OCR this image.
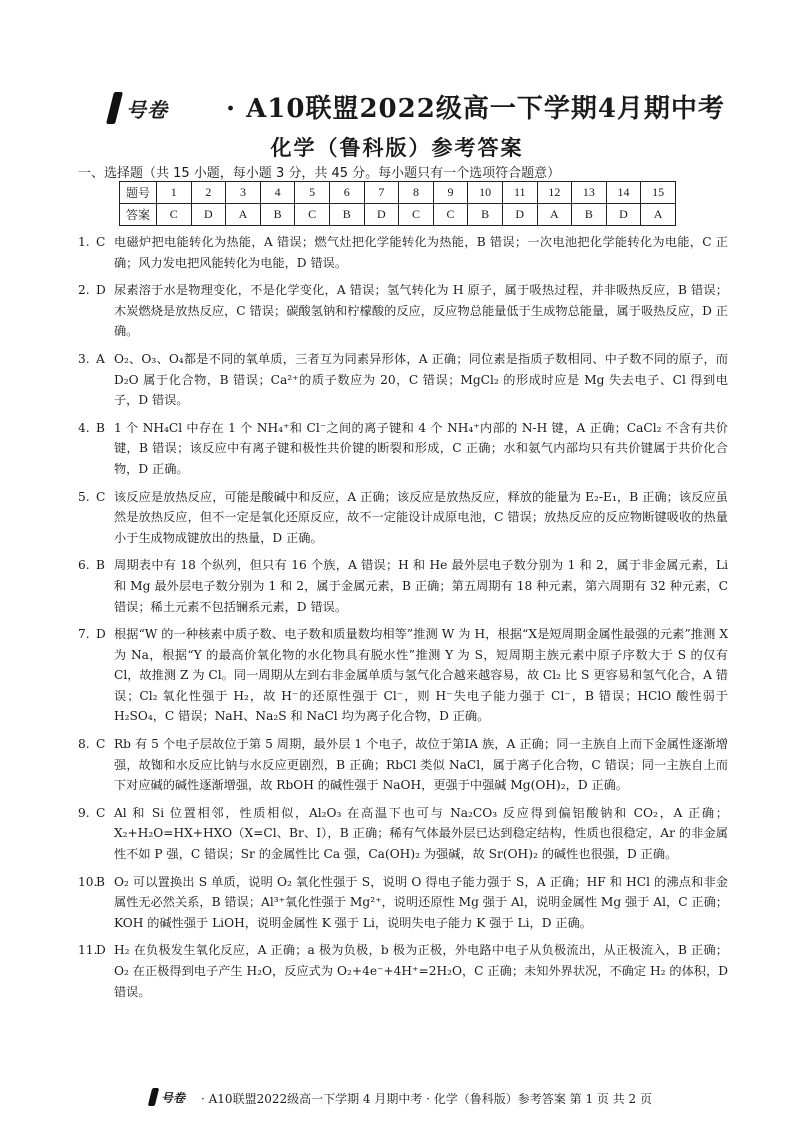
号卷 · A10联盟2022级高一下学期4月期中考
化学（鲁科版）参考答案
一、选择题（共 15 小题，每小题 3 分，共 45 分。每小题只有一个选项符合题意）
题号	1	2	3	4	5	6	7	8	9	10	11	12	13	14	15
答案	C	D	A	B	C	B	D	C	C	B	D	A	B	D	A
1. C 电磁炉把电能转化为热能，A 错误；燃气灶把化学能转化为热能，B 错误；一次电池把化学能转化为电能，C 正确；风力发电把风能转化为电能，D 错误。
2. D 尿素溶于水是物理变化，不是化学变化，A 错误；氢气转化为 H 原子，属于吸热过程，并非吸热反应，B 错误；木炭燃烧是放热反应，C 错误；碳酸氢钠和柠檬酸的反应，反应物总能量低于生成物总能量，属于吸热反应，D 正确。
3. A O₂、O₃、O₄都是不同的氧单质，三者互为同素异形体，A 正确；同位素是指质子数相同、中子数不同的原子，而 D₂O 属于化合物，B 错误；Ca²⁺的质子数应为 20，C 错误；MgCl₂ 的形成时应是 Mg 失去电子、Cl 得到电子，D 错误。
4. B 1 个 NH₄Cl 中存在 1 个 NH₄⁺和 Cl⁻之间的离子键和 4 个 NH₄⁺内部的 N-H 键，A 正确；CaCl₂ 不含有共价键，B 错误；该反应中有离子键和极性共价键的断裂和形成，C 正确；水和氨气内部均只有共价键属于共价化合物，D 正确。
5. C 该反应是放热反应，可能是酸碱中和反应，A 正确；该反应是放热反应，释放的能量为 E₂-E₁，B 正确；该反应虽然是放热反应，但不一定是氧化还原反应，故不一定能设计成原电池，C 错误；放热反应的反应物断键吸收的热量小于生成物成键放出的热量，D 正确。
6. B 周期表中有 18 个纵列，但只有 16 个族，A 错误；H 和 He 最外层电子数分别为 1 和 2，属于非金属元素，Li 和 Mg 最外层电子数分别为 1 和 2，属于金属元素，B 正确；第五周期有 18 种元素，第六周期有 32 种元素，C 错误；稀土元素不包括镧系元素，D 错误。
7. D 根据“W 的一种核素中质子数、电子数和质量数均相等”推测 W 为 H，根据“X是短周期金属性最强的元素”推测 X 为 Na，根据“Y 的最高价氧化物的水化物具有脱水性”推测 Y 为 S，短周期主族元素中原子序数大于 S 的仅有 Cl，故推测 Z 为 Cl。同一周期从左到右非金属单质与氢气化合越来越容易，故 Cl₂ 比 S 更容易和氢气化合，A 错误；Cl₂ 氧化性强于 H₂，故 H⁻的还原性强于 Cl⁻，则 H⁻失电子能力强于 Cl⁻，B 错误；HClO 酸性弱于 H₂SO₄，C 错误；NaH、Na₂S 和 NaCl 均为离子化合物，D 正确。
8. C Rb 有 5 个电子层故位于第 5 周期，最外层 1 个电子，故位于第ⅠA 族，A 正确；同一主族自上而下金属性逐渐增强，故铷和水反应比钠与水反应更剧烈，B 正确；RbCl 类似 NaCl，属于离子化合物，C 错误；同一主族自上而下对应碱的碱性逐渐增强，故 RbOH 的碱性强于 NaOH，更强于中强碱 Mg(OH)₂，D 正确。
9. C Al 和 Si 位置相邻，性质相似，Al₂O₃ 在高温下也可与 Na₂CO₃ 反应得到偏铝酸钠和 CO₂，A 正确；X₂+H₂O=HX+HXO（X=Cl、Br、I），B 正确；稀有气体最外层已达到稳定结构，性质也很稳定，Ar 的非金属性不如 P 强，C 错误；Sr 的金属性比 Ca 强，Ca(OH)₂ 为强碱，故 Sr(OH)₂ 的碱性也很强，D 正确。
10.
B O₂ 可以置换出 S 单质，说明 O₂ 氧化性强于 S，说明 O 得电子能力强于 S，A 正确；HF 和 HCl 的沸点和非金属性无必然关系，B 错误；Al³⁺氧化性强于 Mg²⁺，说明还原性 Mg 强于 Al，说明金属性 Mg 强于 Al，C 正确；KOH 的碱性强于 LiOH，说明金属性 K 强于 Li，说明失电子能力 K 强于 Li，D 正确。
11.
D H₂ 在负极发生氧化反应，A 正确；a 极为负极，b 极为正极，外电路中电子从负极流出，从正极流入，B 正确；O₂ 在正极得到电子产生 H₂O，反应式为 O₂+4e⁻+4H⁺=2H₂O，C 正确；未知外界状况，不确定 H₂ 的体积，D 错误。
号卷 · A10联盟2022级高一下学期 4 月期中考 · 化学（鲁科版）参考答案 第 1 页 共 2 页
